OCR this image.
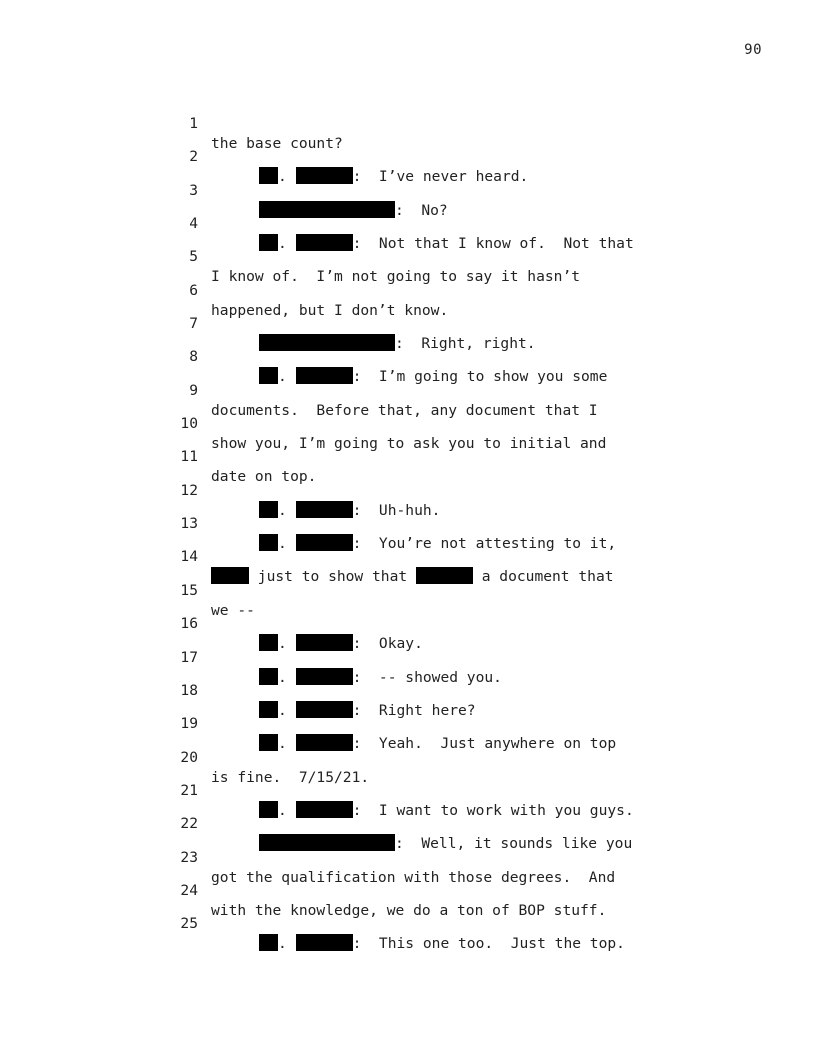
90

1

the base count?

2

.	:  I’ve never heard.

3

:  No?

4

.	:  Not that I know of.  Not that

5

I know of.  I’m not going to say it hasn’t

6

happened, but I don’t know.

7

:  Right, right.

8

.	:  I’m going to show you some

9

documents.  Before that, any document that I

10

show you, I’m going to ask you to initial and

11

date on top.

12

.	:  Uh-huh.

13

.	:  You’re not attesting to it,

14

just to show that	a document that

15

we --

16

.	:  Okay.

17

.	:  -- showed you.

18

.	:  Right here?

19

.	:  Yeah.  Just anywhere on top

20

is fine.  7/15/21.

21

.	:  I want to work with you guys.

22

:  Well, it sounds like you

23

got the qualification with those degrees.  And

24

with the knowledge, we do a ton of BOP stuff.

25

.	:  This one too.  Just the top.
